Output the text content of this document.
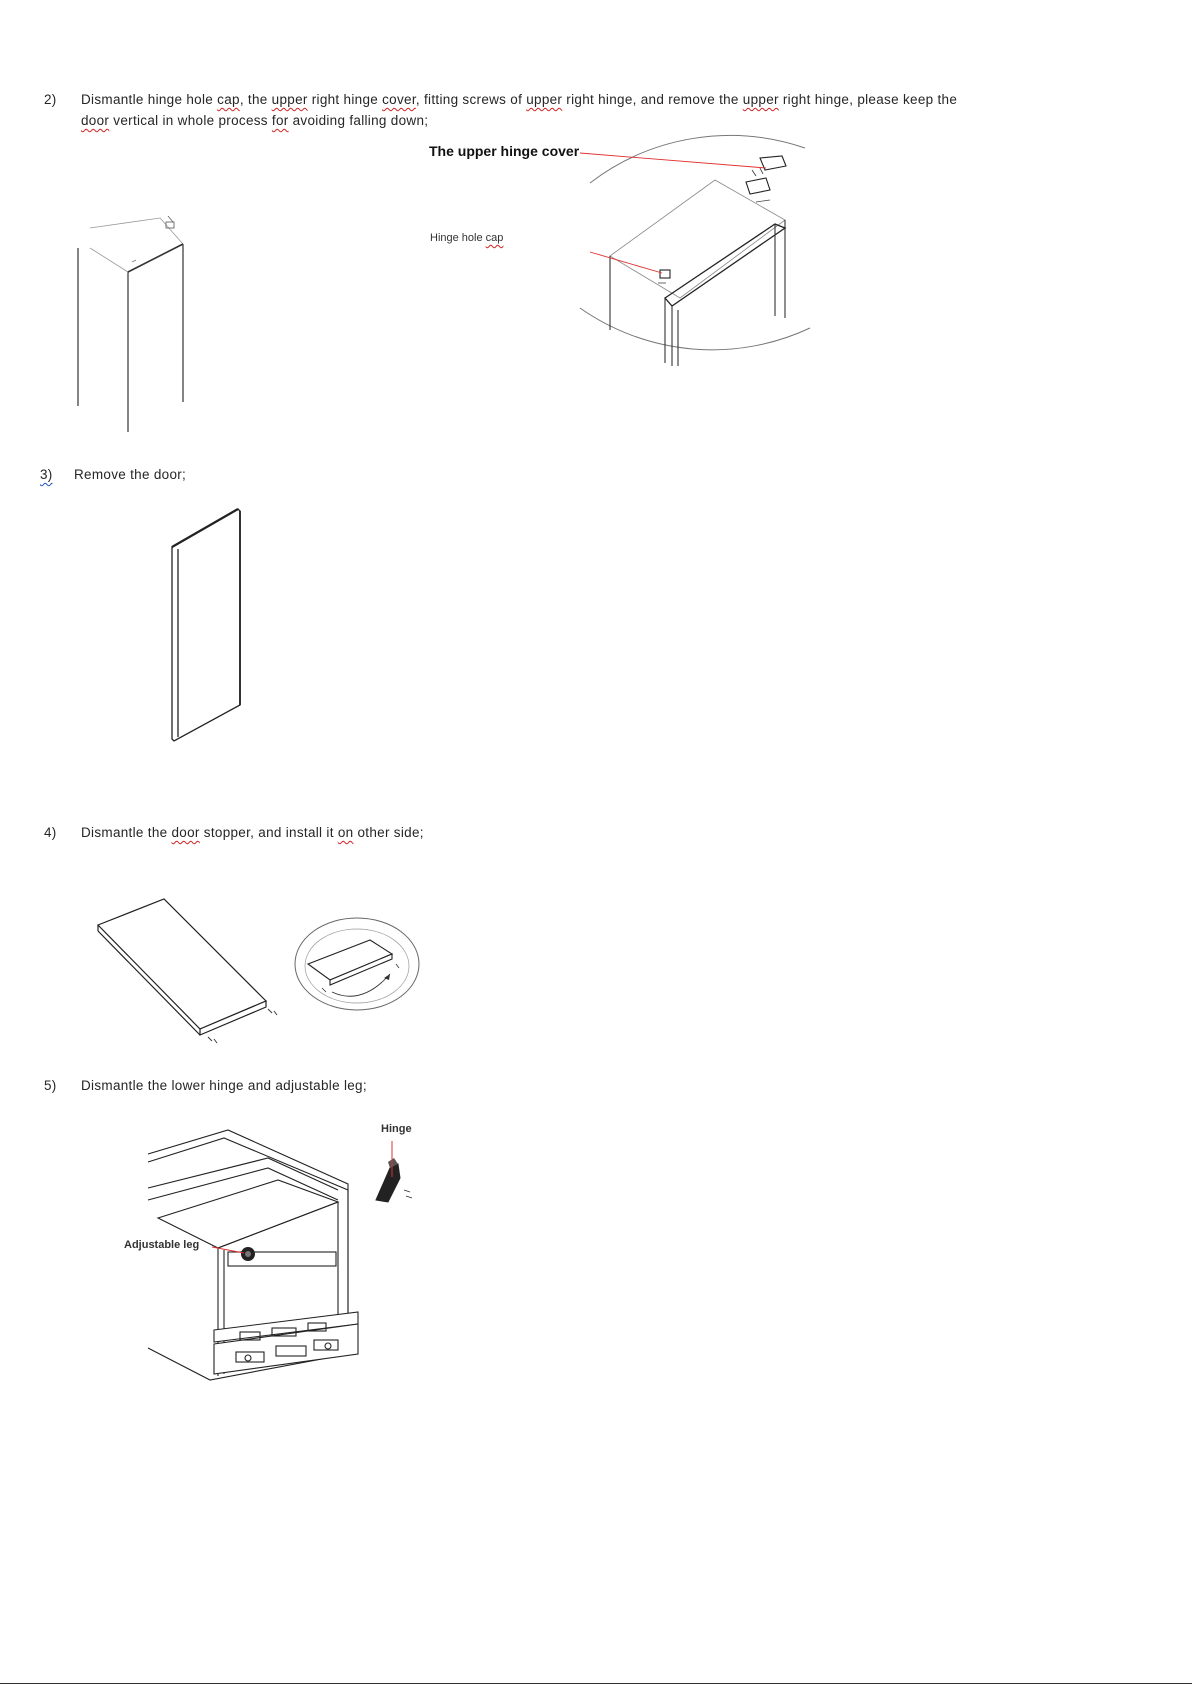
2) Dismantle hinge hole cap, the upper right hinge cover, fitting screws of upper right hinge, and remove the upper right hinge, please keep the
door vertical in whole process for avoiding falling down;
The upper hinge cover
Hinge hole cap
3) Remove the door;
4) Dismantle the door stopper, and install it on other side;
5) Dismantle the lower hinge and adjustable leg;
Hinge
Adjustable leg
